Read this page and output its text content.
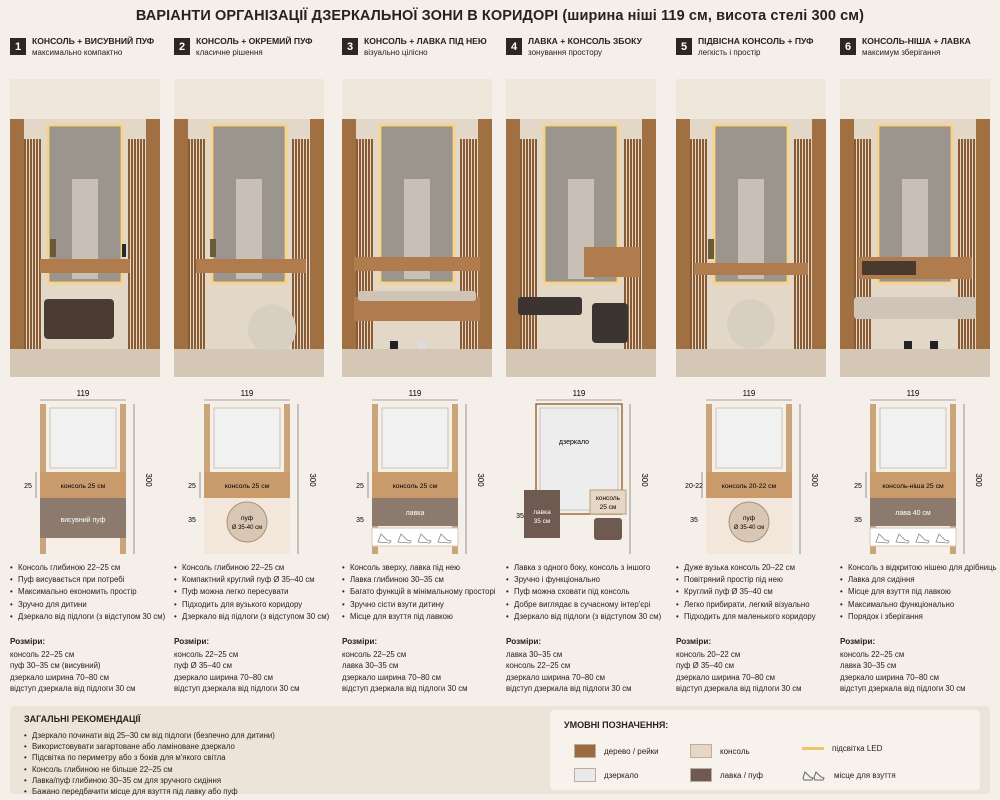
ВАРІАНТИ ОРГАНІЗАЦІЇ ДЗЕРКАЛЬНОЇ ЗОНИ В КОРИДОРІ (ширина ніші 119 см, висота стелі 300 см)
1	КОНСОЛЬ + ВИСУВНИЙ ПУФ
максимально компактно
119
консоль 25 см
висувний пуф
25	300
• Консоль глибиною 22–25 см
• Пуф висувається при потребі
• Максимально економить простір
• Зручно для дитини
• Дзеркало від підлоги (з відступом 30 см)
Розміри:
консоль 22–25 см
пуф 30–35 см (висувний)
дзеркало ширина 70–80 см
відступ дзеркала від підлоги 30 см
2	КОНСОЛЬ + ОКРЕМИЙ ПУФ
класичне рішення
119
консоль 25 см
пуф
Ø 35-40 см
25
35
300
• Консоль глибиною 22–25 см
• Компактний круглий пуф Ø 35–40 см
• Пуф можна легко пересувати
• Підходить для вузького коридору
• Дзеркало від підлоги (з відступом 30 см)
Розміри:
консоль 22–25 см
пуф Ø 35–40 см
дзеркало ширина 70–80 см
відступ дзеркала від підлоги 30 см
3	КОНСОЛЬ + ЛАВКА ПІД НЕЮ
візуально цілісно
119
консоль 25 см
лавка
25
35
300
• Консоль зверху, лавка під нею
• Лавка глибиною 30–35 см
• Багато функцій в мінімальному просторі
• Зручно сісти взути дитину
• Місце для взуття під лавкою
Розміри:
консоль 22–25 см
лавка 30–35 см
дзеркало ширина 70–80 см
відступ дзеркала від підлоги 30 см
4	ЛАВКА + КОНСОЛЬ ЗБОКУ
зонування простору
119
дзеркало
лавка
35 см
консоль
25 см
35
300
• Лавка з одного боку, консоль з іншого
• Зручно і функціонально
• Пуф можна сховати під консоль
• Добре виглядає в сучасному інтер'єрі
• Дзеркало від підлоги (з відступом 30 см)
Розміри:
лавка 30–35 см
консоль 22–25 см
дзеркало ширина 70–80 см
відступ дзеркала від підлоги 30 см
5	ПІДВІСНА КОНСОЛЬ + ПУФ
легкість і простір
119
консоль 20-22 см
пуф
Ø 35-40 см
20-22
35
300
• Дуже вузька консоль 20–22 см
• Повітряний простір під нею
• Круглий пуф Ø 35–40 см
• Легко прибирати, легкий візуально
• Підходить для маленького коридору
Розміри:
консоль 20–22 см
пуф Ø 35–40 см
дзеркало ширина 70–80 см
відступ дзеркала від підлоги 30 см
6	КОНСОЛЬ-НІША + ЛАВКА
максимум зберігання
119
консоль-ніша 25 см
лава 40 см
25
35
300
• Консоль з відкритою нішею для дрібниць
• Лавка для сидіння
• Місце для взуття під лавкою
• Максимально функціонально
• Порядок і зберігання
Розміри:
консоль 22–25 см
лавка 30–35 см
дзеркало ширина 70–80 см
відступ дзеркала від підлоги 30 см
ЗАГАЛЬНІ РЕКОМЕНДАЦІЇ
• Дзеркало починати від 25–30 см від підлоги (безпечно для дитини)
• Використовувати загартоване або ламіноване дзеркало
• Підсвітка по периметру або з боків для м'якого світла
• Консоль глибиною не більше 22–25 см
• Лавка/пуф глибиною 30–35 см для зручного сидіння
• Бажано передбачити місце для взуття під лавку або пуф
УМОВНІ ПОЗНАЧЕННЯ:
дерево / рейки	консоль	підсвітка LED
дзеркало	лавка / пуф	місце для взуття
